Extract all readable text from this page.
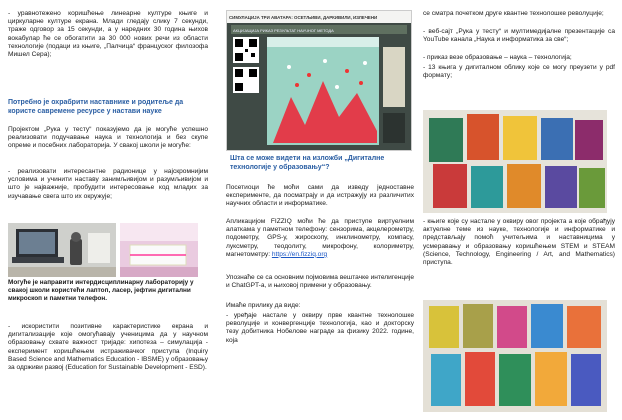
- уравнотежено коришћење линеарне културе књиге и циркуларне културе екрана. Млади гледају слику 7 секунди, траже одговор за 15 секунди, а у наредних 30 година њихов вокабулар ће се обогатити за 30 000 нових речи из области технологије (подаци из књиге, „Палчица“ француског филозофа Мишел Сера);

Потребно је охрабрити наставнике и родитеље да користе савремене ресурсе у настави науке

Пројектом „Рука у тесту“ показујемо да је могуће успешно реализовати подучавање наука и технологија и без скупе опреме и посебних лабораторија. У свакој школи је могуће:

- реализовати интересантне радионице у најскромнијим условима и учинити наставу занимљивијом и разумљивијом и што је најважније, пробудити интересовање код младих за изучавање свега што их окружује;

Могуће је направити интердисциплинарну лабораторију у свакој школи користећи лаптоп, ласер, јефтин дигитални микроскоп и паметни телефон.

- искористити позитивне карактеристике екрана и дигитализације које омогућавају ученицима да у научном образовању схвате важност тријаде: хипотеза – симулација - експеримент коришћењем истраживачког приступа (Inquiry Based Science and Mathematics Education - IBSME) у образовању за одрживи развој (Education for Sustainable Development - ESD).

СИМУЛАЦИЈА ТРИ АВАТАРА: ОСЕТЉИВИ, ДАРКИВИЛИ, ИЗЛЕЧЕНИ
АКЦИЈАЦИЈА РИКАЗ РЕЗУЛЬТАТ НАУЧНОГ МЕТОДА

Шта се може видети на изложби „Дигиталне технологије у образовању“?

Посетиоци ће моћи сами да изведу једноставне експерименте, да посматрају и да истражују из различитих научних области и информатике.

Апликацијом FIZZIQ моћи ће да приступе виртуелним алаткама у паметном телефону: сензорима, акцелерометру, подометру, GPS-у, жироскопу, инклинометру, компасу, луксметру, теодолиту, микрофону, колориметру, магнетометру: https://en.fizziq.org

Упознаће се са основним појмовима вештачке интелигенције и ChatGPT-а, и њиховој примени у образовању.

Имаће прилику да виде:

- уређаје настале у оквиру прве квантне технолошке револуције и конвергенције технологија, као и докторску тезу добитника Нобелове награде за физику 2022. године, која

се сматра почетком друге квантне технолошке револуције;

- веб-сајт „Рука у тесту“ и мултимедијалне презентације са YouTube канала „Наука и информатика за све“;

- приказ везе образовање – наука – технологија;

- 13 књига у дигиталном облику које се могу преузети у pdf формату;

- књиге које су настале у оквиру овог пројекта а које обрађују актуелне теме из науке, технологије и информатике и представљају помоћ учитељима и наставницима у усмеравању и образовању коришћењем STEM и STEAM (Science, Technology, Engineering / Art, and Mathematics) приступа.
